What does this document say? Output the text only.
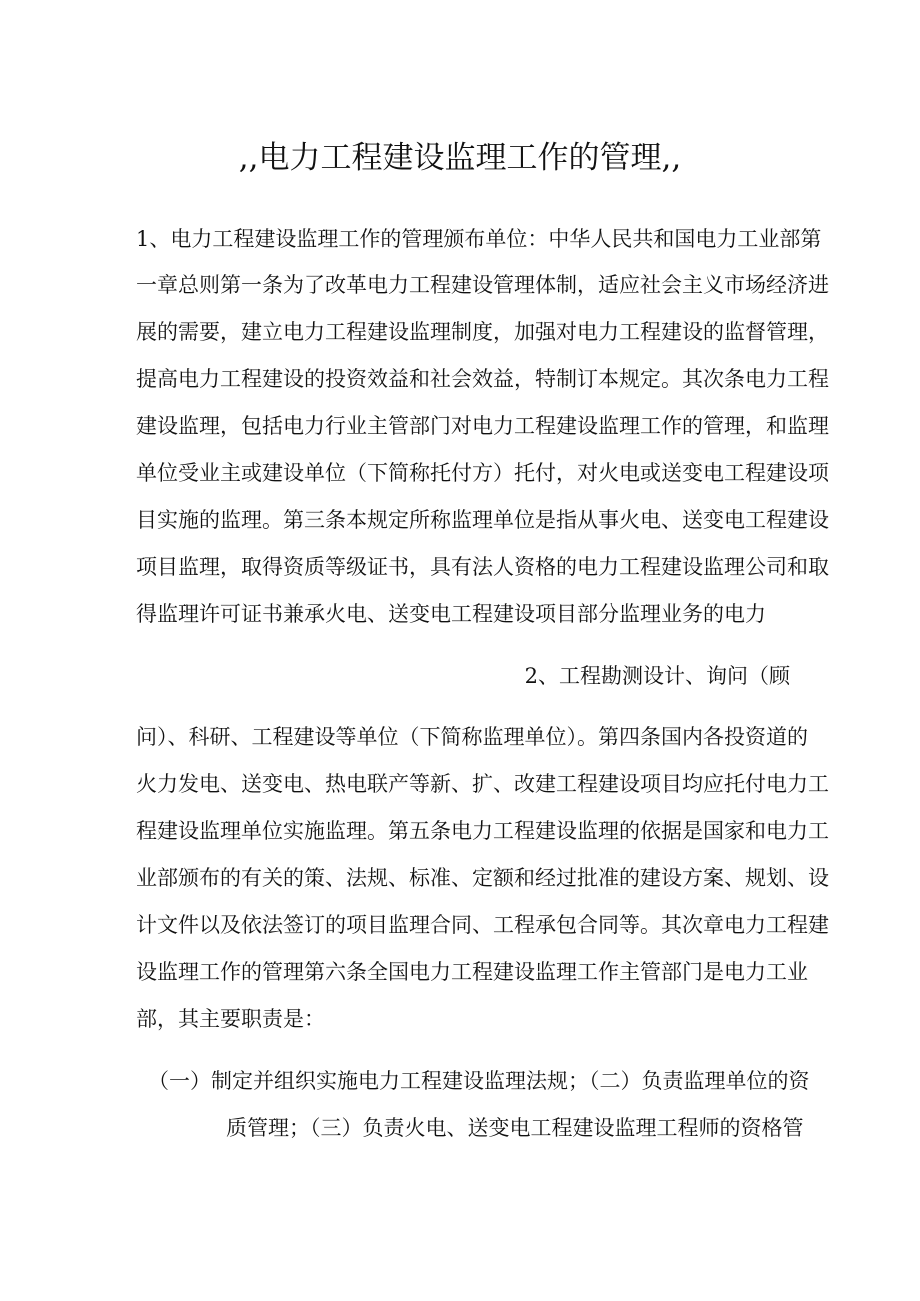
,,电力工程建设监理工作的管理,,
1、电力工程建设监理工作的管理颁布单位：中华人民共和国电力工业部第
一章总则第一条为了改革电力工程建设管理体制，适应社会主义市场经济进
展的需要，建立电力工程建设监理制度，加强对电力工程建设的监督管理，
提高电力工程建设的投资效益和社会效益，特制订本规定。其次条电力工程
建设监理，包括电力行业主管部门对电力工程建设监理工作的管理，和监理
单位受业主或建设单位（下简称托付方）托付，对火电或送变电工程建设项
目实施的监理。第三条本规定所称监理单位是指从事火电、送变电工程建设
项目监理，取得资质等级证书，具有法人资格的电力工程建设监理公司和取
得监理许可证书兼承火电、送变电工程建设项目部分监理业务的电力
2、工程勘测设计、询问（顾
问）、科研、工程建设等单位（下简称监理单位）。第四条国内各投资道的
火力发电、送变电、热电联产等新、扩、改建工程建设项目均应托付电力工
程建设监理单位实施监理。第五条电力工程建设监理的依据是国家和电力工
业部颁布的有关的策、法规、标准、定额和经过批准的建设方案、规划、设
计文件以及依法签订的项目监理合同、工程承包合同等。其次章电力工程建
设监理工作的管理第六条全国电力工程建设监理工作主管部门是电力工业
部，其主要职责是：
（一）制定并组织实施电力工程建设监理法规；（二）负责监理单位的资
质管理；（三）负责火电、送变电工程建设监理工程师的资格管
